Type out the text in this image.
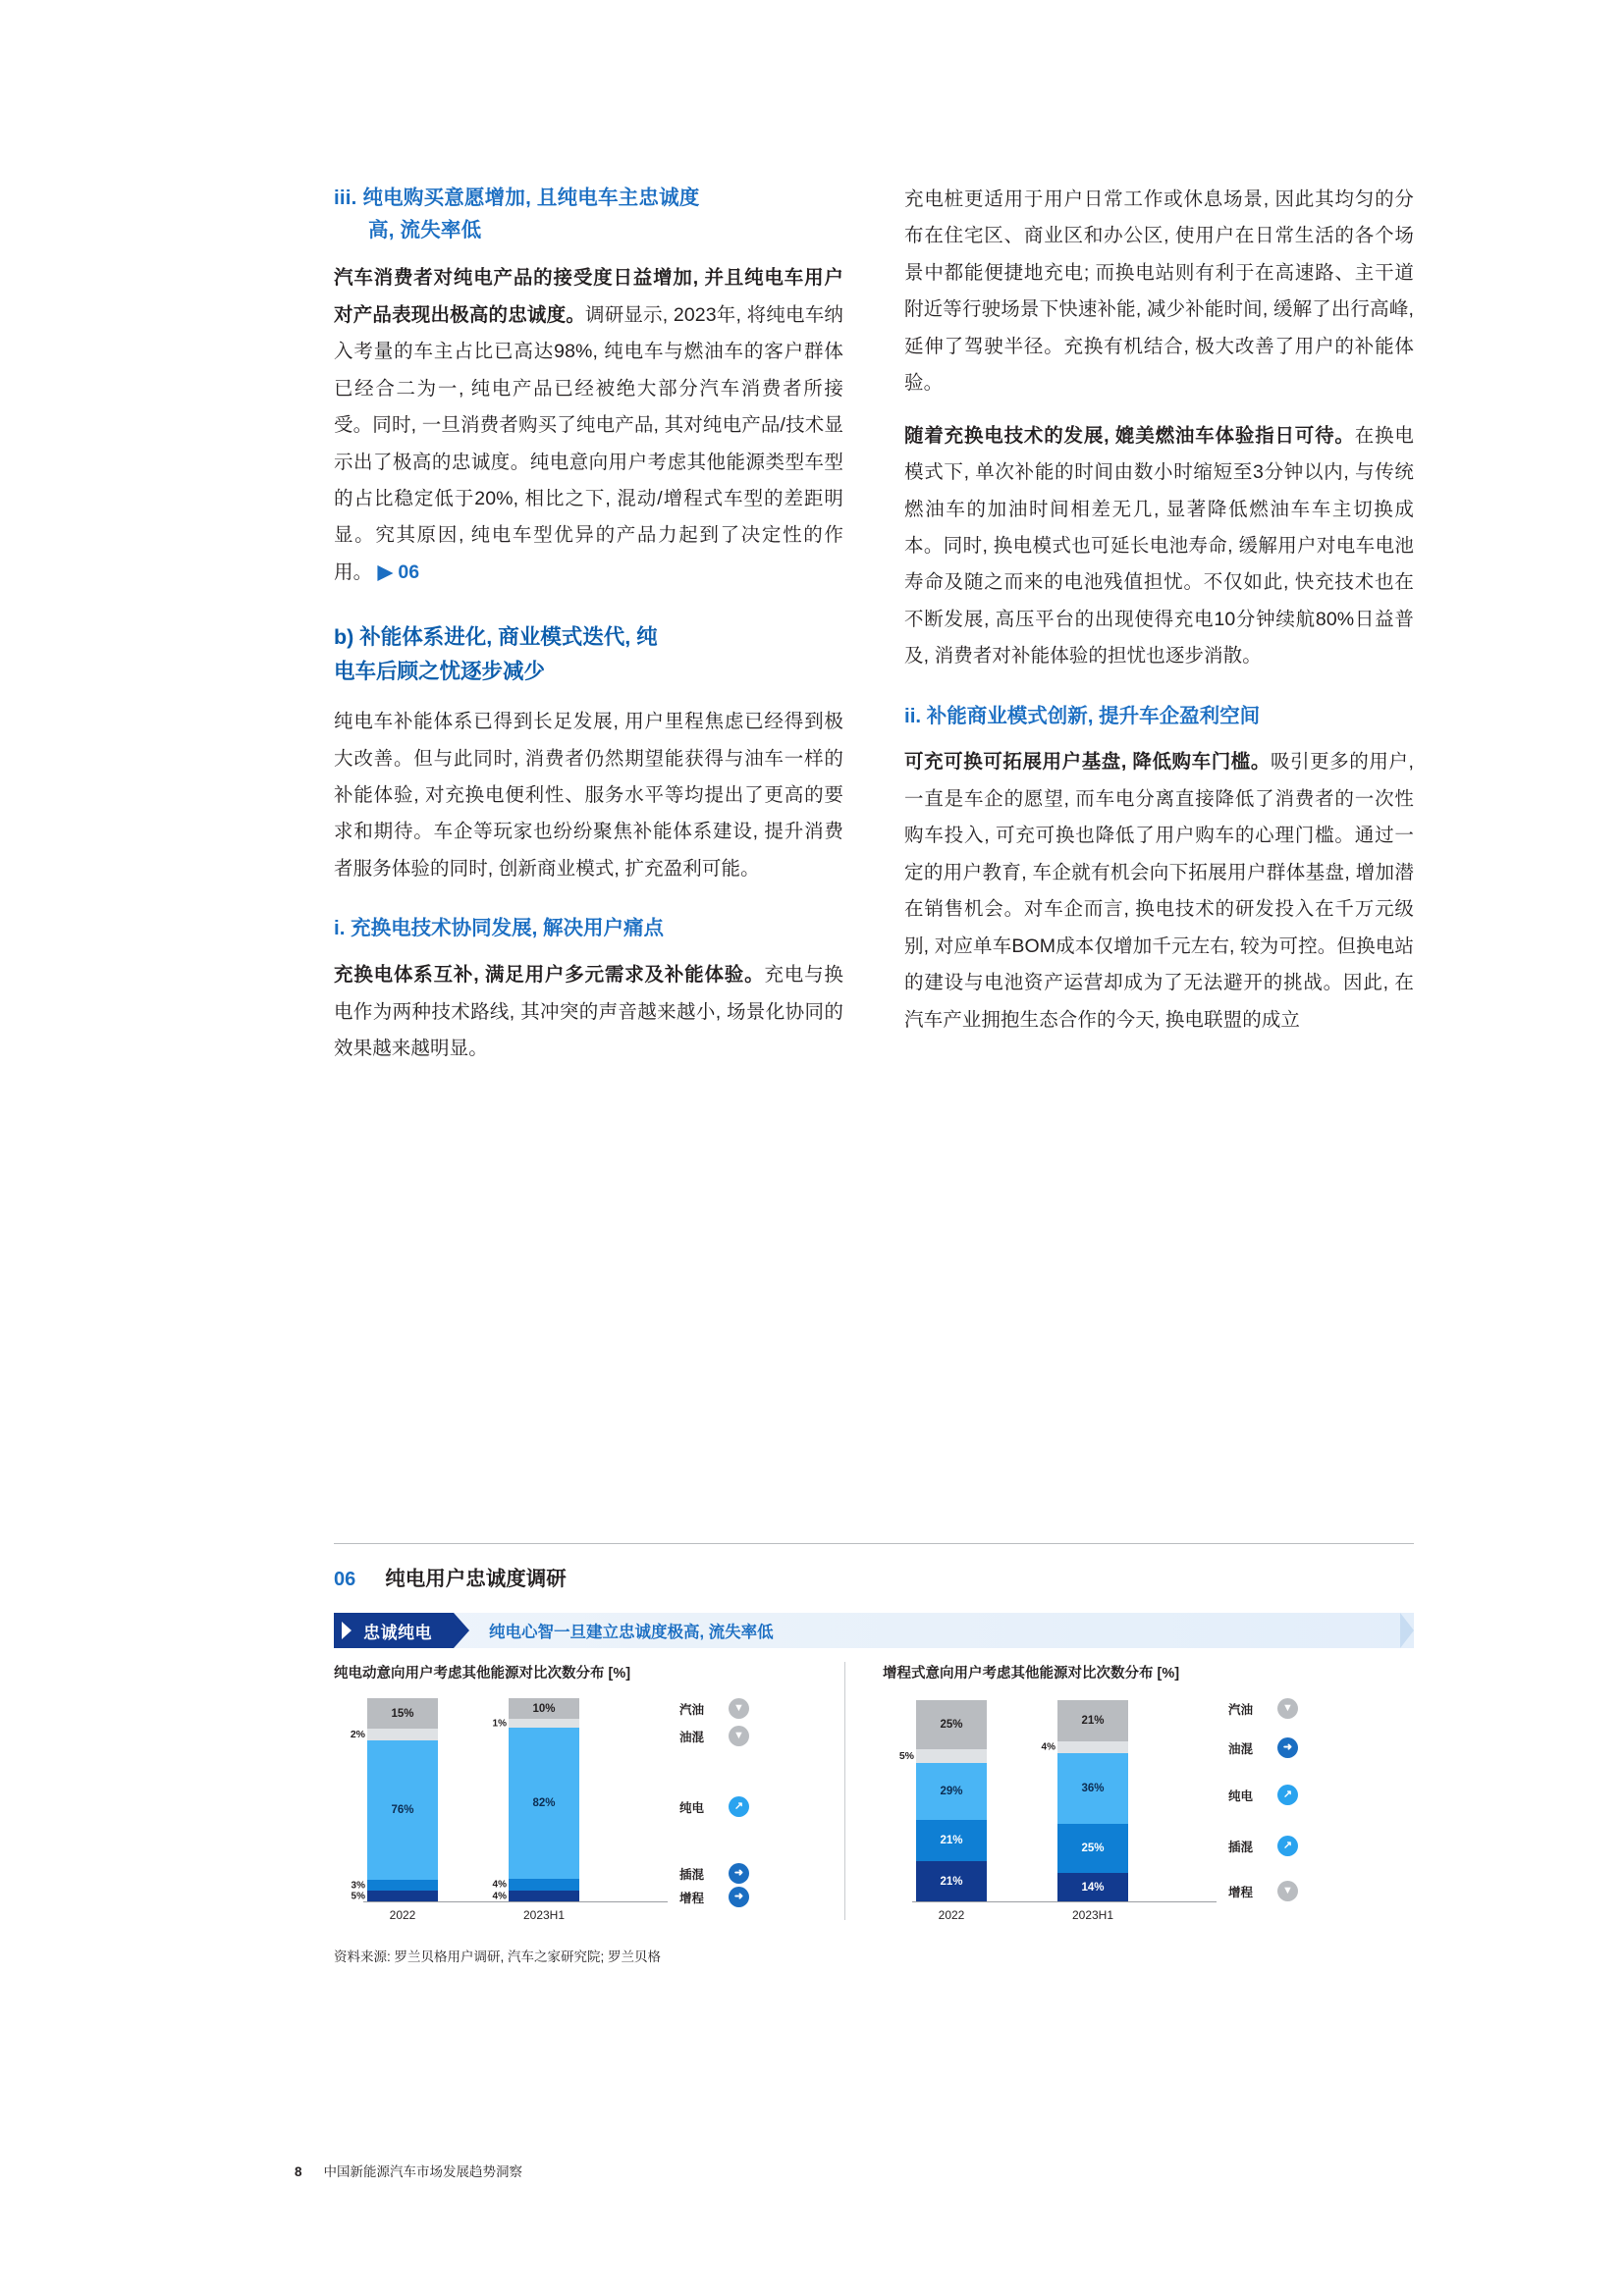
iii. 纯电购买意愿增加, 且纯电车主忠诚度
高, 流失率低

汽车消费者对纯电产品的接受度日益增加, 并且纯电车用户对产品表现出极高的忠诚度。调研显示, 2023年, 将纯电车纳入考量的车主占比已高达98%, 纯电车与燃油车的客户群体已经合二为一, 纯电产品已经被绝大部分汽车消费者所接受。同时, 一旦消费者购买了纯电产品, 其对纯电产品/技术显示出了极高的忠诚度。纯电意向用户考虑其他能源类型车型的占比稳定低于20%, 相比之下, 混动/增程式车型的差距明显。究其原因, 纯电车型优异的产品力起到了决定性的作用。 ▶ 06

b) 补能体系进化, 商业模式迭代, 纯
电车后顾之忧逐步减少

纯电车补能体系已得到长足发展, 用户里程焦虑已经得到极大改善。但与此同时, 消费者仍然期望能获得与油车一样的补能体验, 对充换电便利性、服务水平等均提出了更高的要求和期待。车企等玩家也纷纷聚焦补能体系建设, 提升消费者服务体验的同时, 创新商业模式, 扩充盈利可能。

i. 充换电技术协同发展, 解决用户痛点

充换电体系互补, 满足用户多元需求及补能体验。充电与换电作为两种技术路线, 其冲突的声音越来越小, 场景化协同的效果越来越明显。

充电桩更适用于用户日常工作或休息场景, 因此其均匀的分布在住宅区、商业区和办公区, 使用户在日常生活的各个场景中都能便捷地充电; 而换电站则有利于在高速路、主干道附近等行驶场景下快速补能, 减少补能时间, 缓解了出行高峰, 延伸了驾驶半径。充换有机结合, 极大改善了用户的补能体验。

随着充换电技术的发展, 媲美燃油车体验指日可待。在换电模式下, 单次补能的时间由数小时缩短至3分钟以内, 与传统燃油车的加油时间相差无几, 显著降低燃油车车主切换成本。同时, 换电模式也可延长电池寿命, 缓解用户对电车电池寿命及随之而来的电池残值担忧。不仅如此, 快充技术也在不断发展, 高压平台的出现使得充电10分钟续航80%日益普及, 消费者对补能体验的担忧也逐步消散。

ii. 补能商业模式创新, 提升车企盈利空间

可充可换可拓展用户基盘, 降低购车门槛。吸引更多的用户, 一直是车企的愿望, 而车电分离直接降低了消费者的一次性购车投入, 可充可换也降低了用户购车的心理门槛。通过一定的用户教育, 车企就有机会向下拓展用户群体基盘, 增加潜在销售机会。对车企而言, 换电技术的研发投入在千万元级别, 对应单车BOM成本仅增加千元左右, 较为可控。但换电站的建设与电池资产运营却成为了无法避开的挑战。因此, 在汽车产业拥抱生态合作的今天, 换电联盟的成立

06 纯电用户忠诚度调研
忠诚纯电	纯电心智一旦建立忠诚度极高, 流失率低
纯电动意向用户考虑其他能源对比次数分布 [%]
15%
2%
76%
3%
5%
10%
1%
82%
4%
4%
2022	2023H1
汽油	▼
油混	▼
纯电	↗
插混	➜
增程	➜
增程式意向用户考虑其他能源对比次数分布 [%]
25%
5%
29%
21%
21%
21%
4%
36%
25%
14%
2022	2023H1
汽油	▼
油混	➜
纯电	↗
插混	↗
增程	▼
资料来源: 罗兰贝格用户调研, 汽车之家研究院; 罗兰贝格
8 中国新能源汽车市场发展趋势洞察
